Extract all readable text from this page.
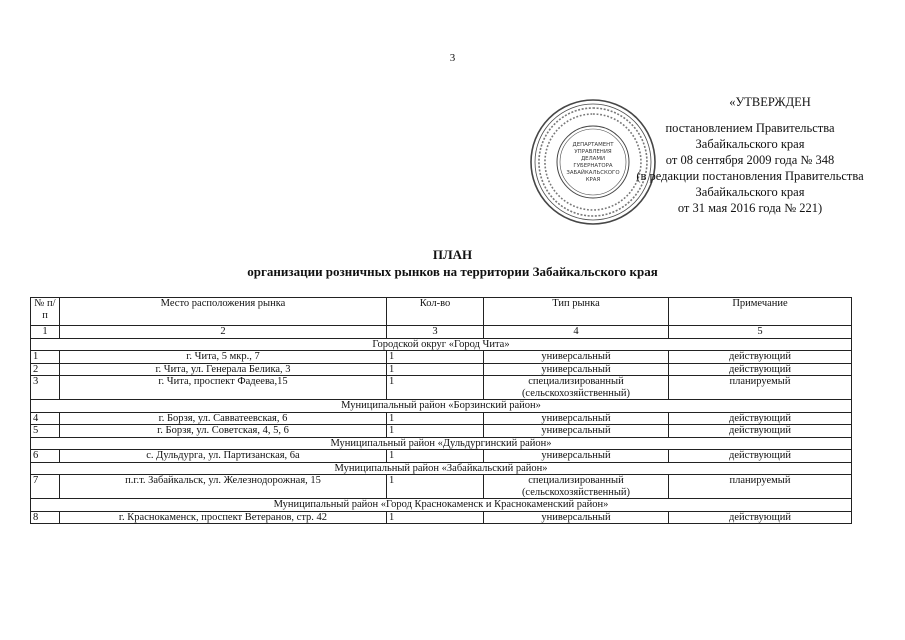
3
ДЕПАРТАМЕНТ
УПРАВЛЕНИЯ
ДЕЛАМИ
ГУБЕРНАТОРА
ЗАБАЙКАЛЬСКОГО
КРАЯ
«УТВЕРЖДЕН
постановлением Правительства
Забайкальского края
от 08 сентября 2009 года № 348
(в редакции постановления Правительства
Забайкальского края
от 31 мая 2016 года № 221)
ПЛАН
организации розничных рынков на территории Забайкальского края
№ п/п	Место расположения рынка	Кол-во	Тип рынка	Примечание
1	2	3	4	5
Городской округ «Город Чита»				
1	г. Чита, 5 мкр., 7	1	универсальный	действующий
2	г. Чита, ул. Генерала Белика, 3	1	универсальный	действующий
3	г. Чита, проспект Фадеева,15	1	специализированный (сельскохозяйственный)	планируемый
Муниципальный район «Борзинский район»				
4	г. Борзя, ул. Савватеевская, 6	1	универсальный	действующий
5	г. Борзя, ул. Советская, 4, 5, 6	1	универсальный	действующий
Муниципальный район «Дульдургинский район»				
6	с. Дульдурга, ул. Партизанская, 6а	1	универсальный	действующий
Муниципальный район «Забайкальский район»				
7	п.г.т. Забайкальск, ул. Железнодорожная, 15	1	специализированный (сельскохозяйственный)	планируемый
Муниципальный район «Город Краснокаменск и Краснокаменский район»				
8	г. Краснокаменск, проспект Ветеранов, стр. 42	1	универсальный	действующий
